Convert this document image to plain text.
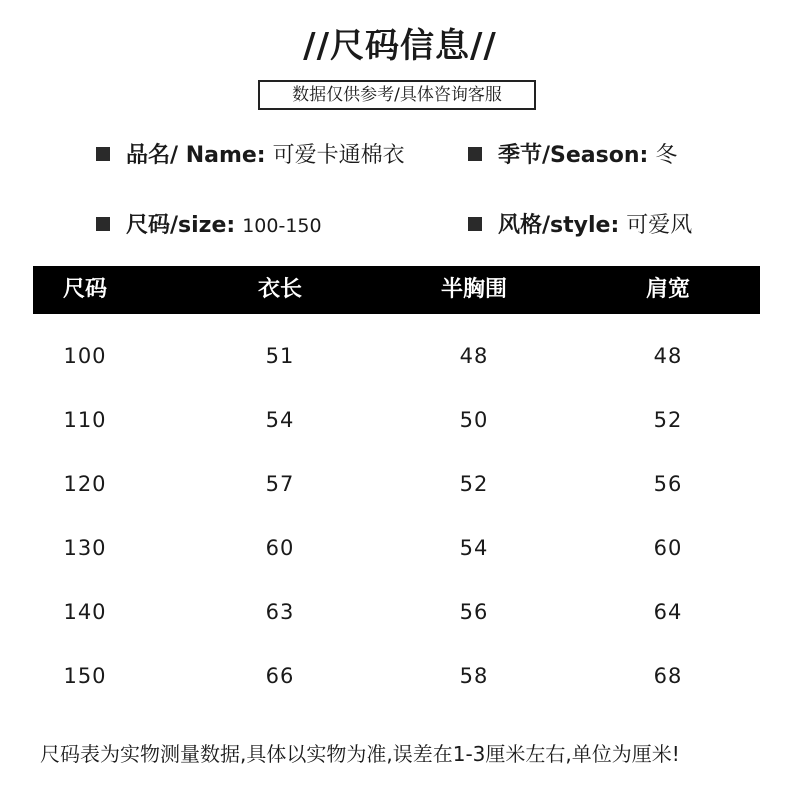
//尺码信息//
数据仅供参考/具体咨询客服
品名/ Name: 可爱卡通棉衣	季节/Season: 冬
尺码/size: 100-150	风格/style: 可爱风
尺码	衣长	半胸围	肩宽
100	51	48	48
110	54	50	52
120	57	52	56
130	60	54	60
140	63	56	64
150	66	58	68
尺码表为实物测量数据,具体以实物为准,误差在1-3厘米左右,单位为厘米!
